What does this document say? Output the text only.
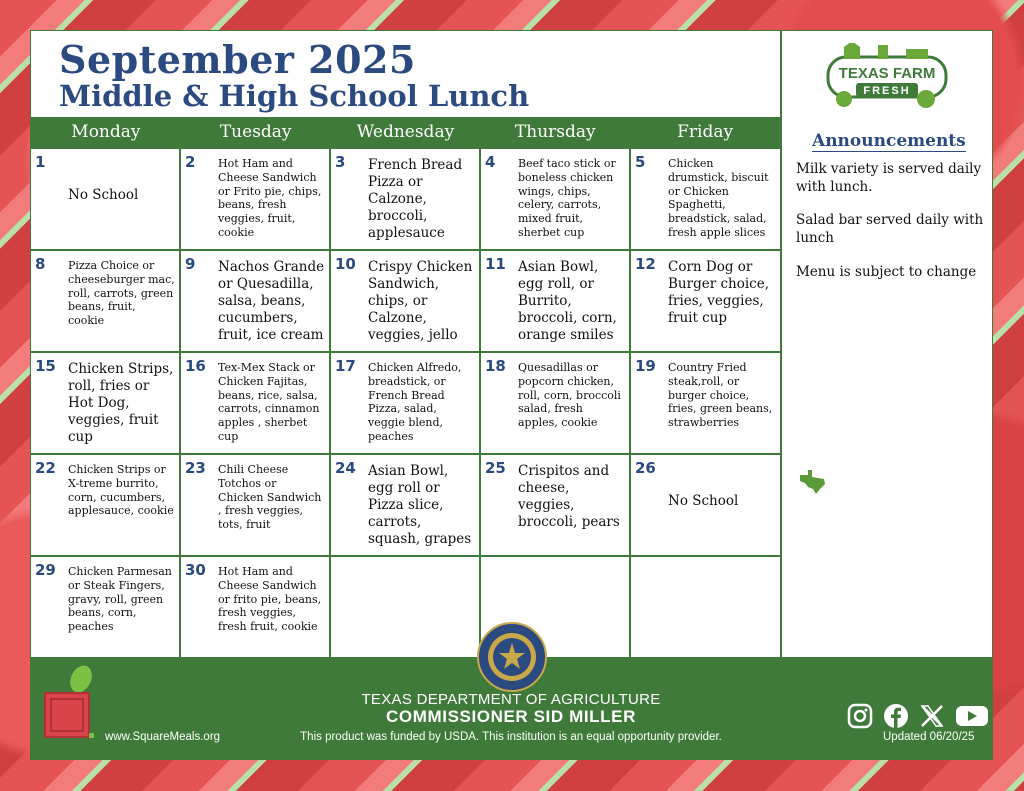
September 2025
Middle & High School Lunch
Monday	Tuesday	Wednesday	Thursday	Friday
1
No School
2 Hot Ham and Cheese Sandwich or Frito pie, chips, beans, fresh veggies, fruit, cookie
3 French Bread Pizza or Calzone, broccoli, applesauce
4 Beef taco stick or boneless chicken wings, chips, celery, carrots, mixed fruit, sherbet cup
5 Chicken drumstick, biscuit or Chicken Spaghetti, breadstick, salad, fresh apple slices
8 Pizza Choice or cheeseburger mac, roll, carrots, green beans, fruit, cookie
9 Nachos Grande or Quesadilla, salsa, beans, cucumbers, fruit, ice cream
10 Crispy Chicken Sandwich, chips, or Calzone, veggies, jello
11 Asian Bowl, egg roll, or Burrito, broccoli, corn, orange smiles
12 Corn Dog or Burger choice, fries, veggies, fruit cup
15 Chicken Strips, roll, fries or Hot Dog, veggies, fruit cup
16 Tex-Mex Stack or Chicken Fajitas, beans, rice, salsa, carrots, cinnamon apples , sherbet cup
17 Chicken Alfredo, breadstick, or French Bread Pizza, salad, veggie blend, peaches
18 Quesadillas or popcorn chicken, roll, corn, broccoli salad, fresh apples, cookie
19 Country Fried steak,roll, or burger choice, fries, green beans, strawberries
22 Chicken Strips or X-treme burrito, corn, cucumbers, applesauce, cookie
23 Chili Cheese Totchos or Chicken Sandwich , fresh veggies, tots, fruit
24 Asian Bowl, egg roll or Pizza slice, carrots, squash, grapes
25 Crispitos and cheese, veggies, broccoli, pears
26
No School
29 Chicken Parmesan or Steak Fingers, gravy, roll, green beans, corn, peaches
30 Hot Ham and Cheese Sandwich or frito pie, beans, fresh veggies, fresh fruit, cookie
TEXAS FARM
FRESH
Announcements
Milk variety is served daily with lunch.
Salad bar served daily with lunch
Menu is subject to change
www.SquareMeals.org
TEXAS DEPARTMENT OF AGRICULTURE
COMMISSIONER SID MILLER
This product was funded by USDA. This institution is an equal opportunity provider.	Updated 06/20/25
